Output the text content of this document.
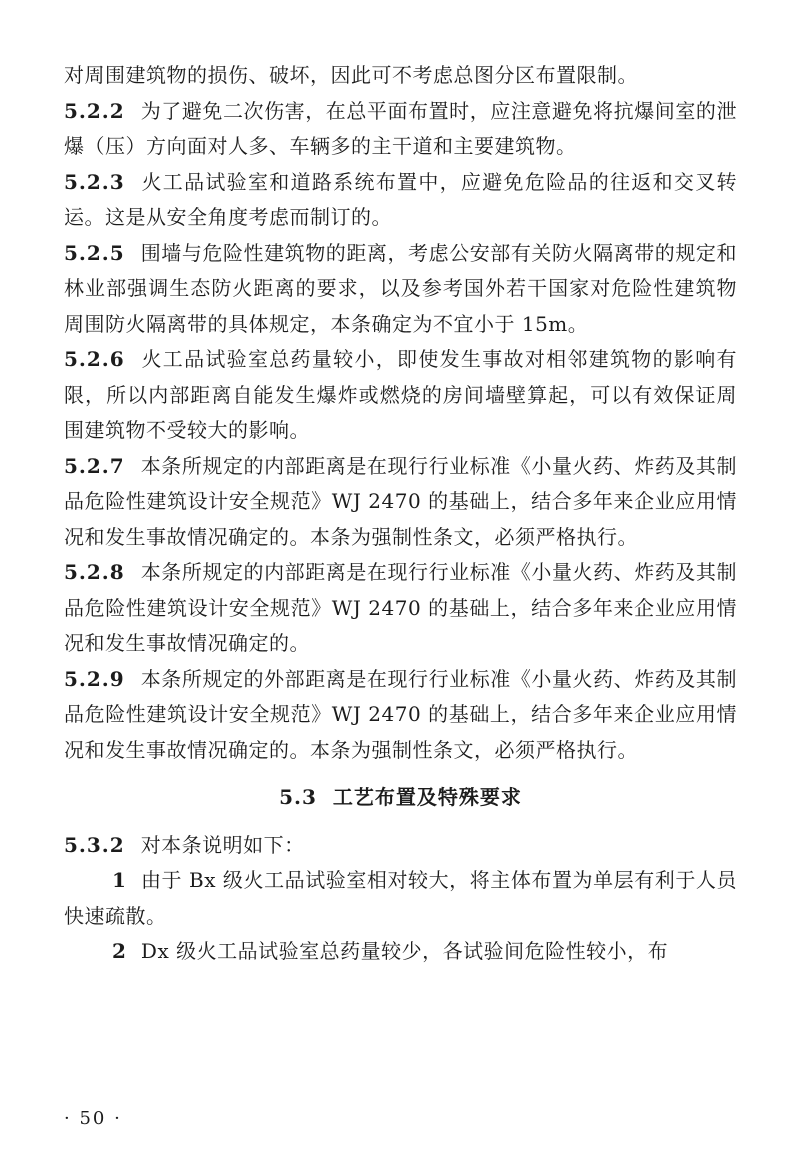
对周围建筑物的损伤、破坏，因此可不考虑总图分区布置限制。

5.2.2 为了避免二次伤害，在总平面布置时，应注意避免将抗爆间室的泄爆（压）方向面对人多、车辆多的主干道和主要建筑物。

5.2.3 火工品试验室和道路系统布置中，应避免危险品的往返和交叉转运。这是从安全角度考虑而制订的。

5.2.5 围墙与危险性建筑物的距离，考虑公安部有关防火隔离带的规定和林业部强调生态防火距离的要求，以及参考国外若干国家对危险性建筑物周围防火隔离带的具体规定，本条确定为不宜小于 15m。

5.2.6 火工品试验室总药量较小，即使发生事故对相邻建筑物的影响有限，所以内部距离自能发生爆炸或燃烧的房间墙壁算起，可以有效保证周围建筑物不受较大的影响。

5.2.7 本条所规定的内部距离是在现行行业标准《小量火药、炸药及其制品危险性建筑设计安全规范》WJ 2470 的基础上，结合多年来企业应用情况和发生事故情况确定的。本条为强制性条文，必须严格执行。

5.2.8 本条所规定的内部距离是在现行行业标准《小量火药、炸药及其制品危险性建筑设计安全规范》WJ 2470 的基础上，结合多年来企业应用情况和发生事故情况确定的。

5.2.9 本条所规定的外部距离是在现行行业标准《小量火药、炸药及其制品危险性建筑设计安全规范》WJ 2470 的基础上，结合多年来企业应用情况和发生事故情况确定的。本条为强制性条文，必须严格执行。

5.3 工艺布置及特殊要求

5.3.2 对本条说明如下：

1 由于 Bx 级火工品试验室相对较大，将主体布置为单层有利于人员快速疏散。

2 Dx 级火工品试验室总药量较少，各试验间危险性较小，布

· 50 ·
